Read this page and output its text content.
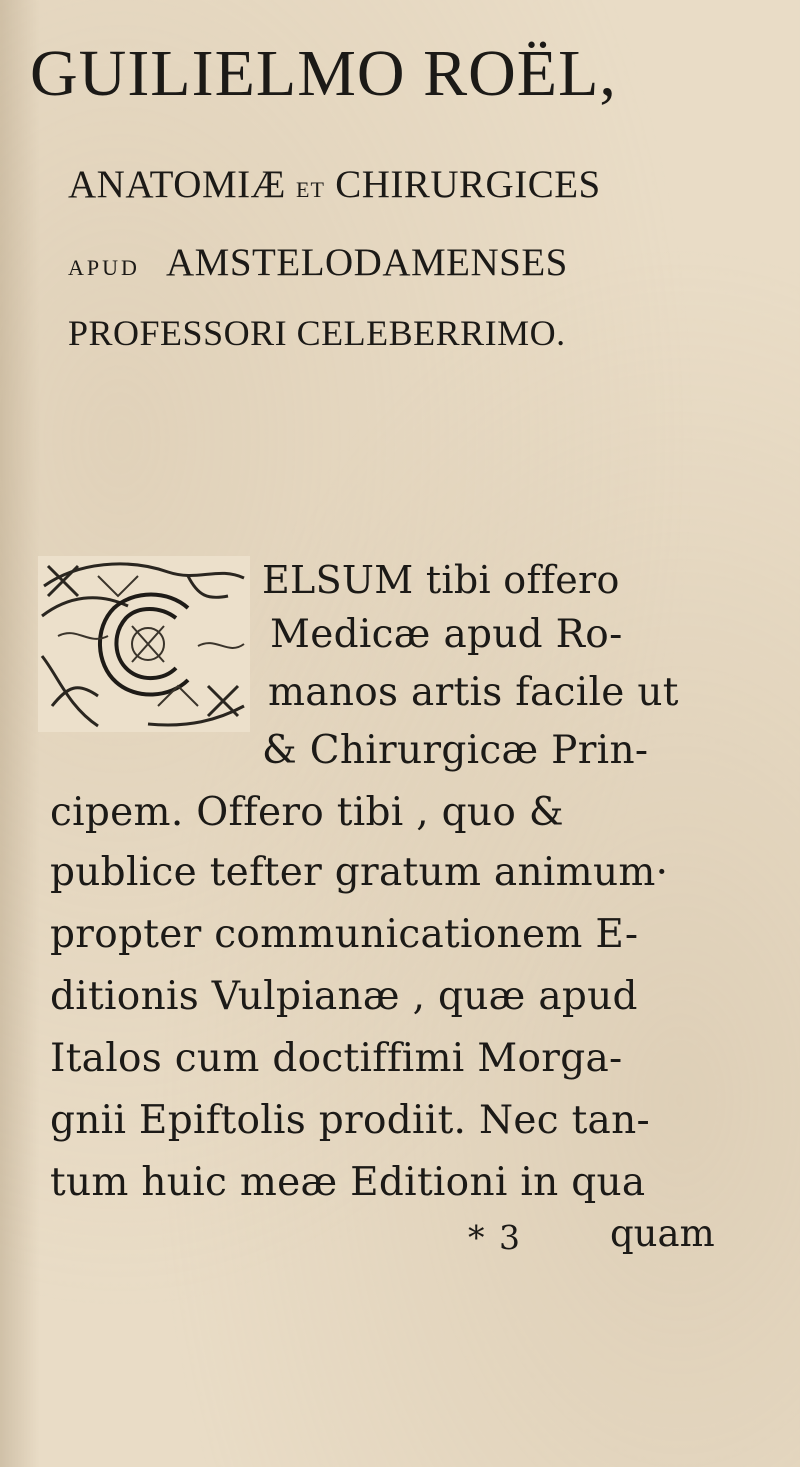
GUILIELMO ROËL,
ANATOMIÆ ET CHIRURGICES
APUD AMSTELODAMENSES
PROFESSORI CELEBERRIMO.
ELSUM tibi offero
Medicæ apud Ro-
manos artis facile ut
& Chirurgicæ Prin-
cipem. Offero tibi , quo &
publice tefter gratum animum·
propter communicationem E-
ditionis Vulpianæ , quæ apud
Italos cum doctiffimi Morga-
gnii Epiftolis prodiit. Nec tan-
tum huic meæ Editioni in qua
* 3 quam
